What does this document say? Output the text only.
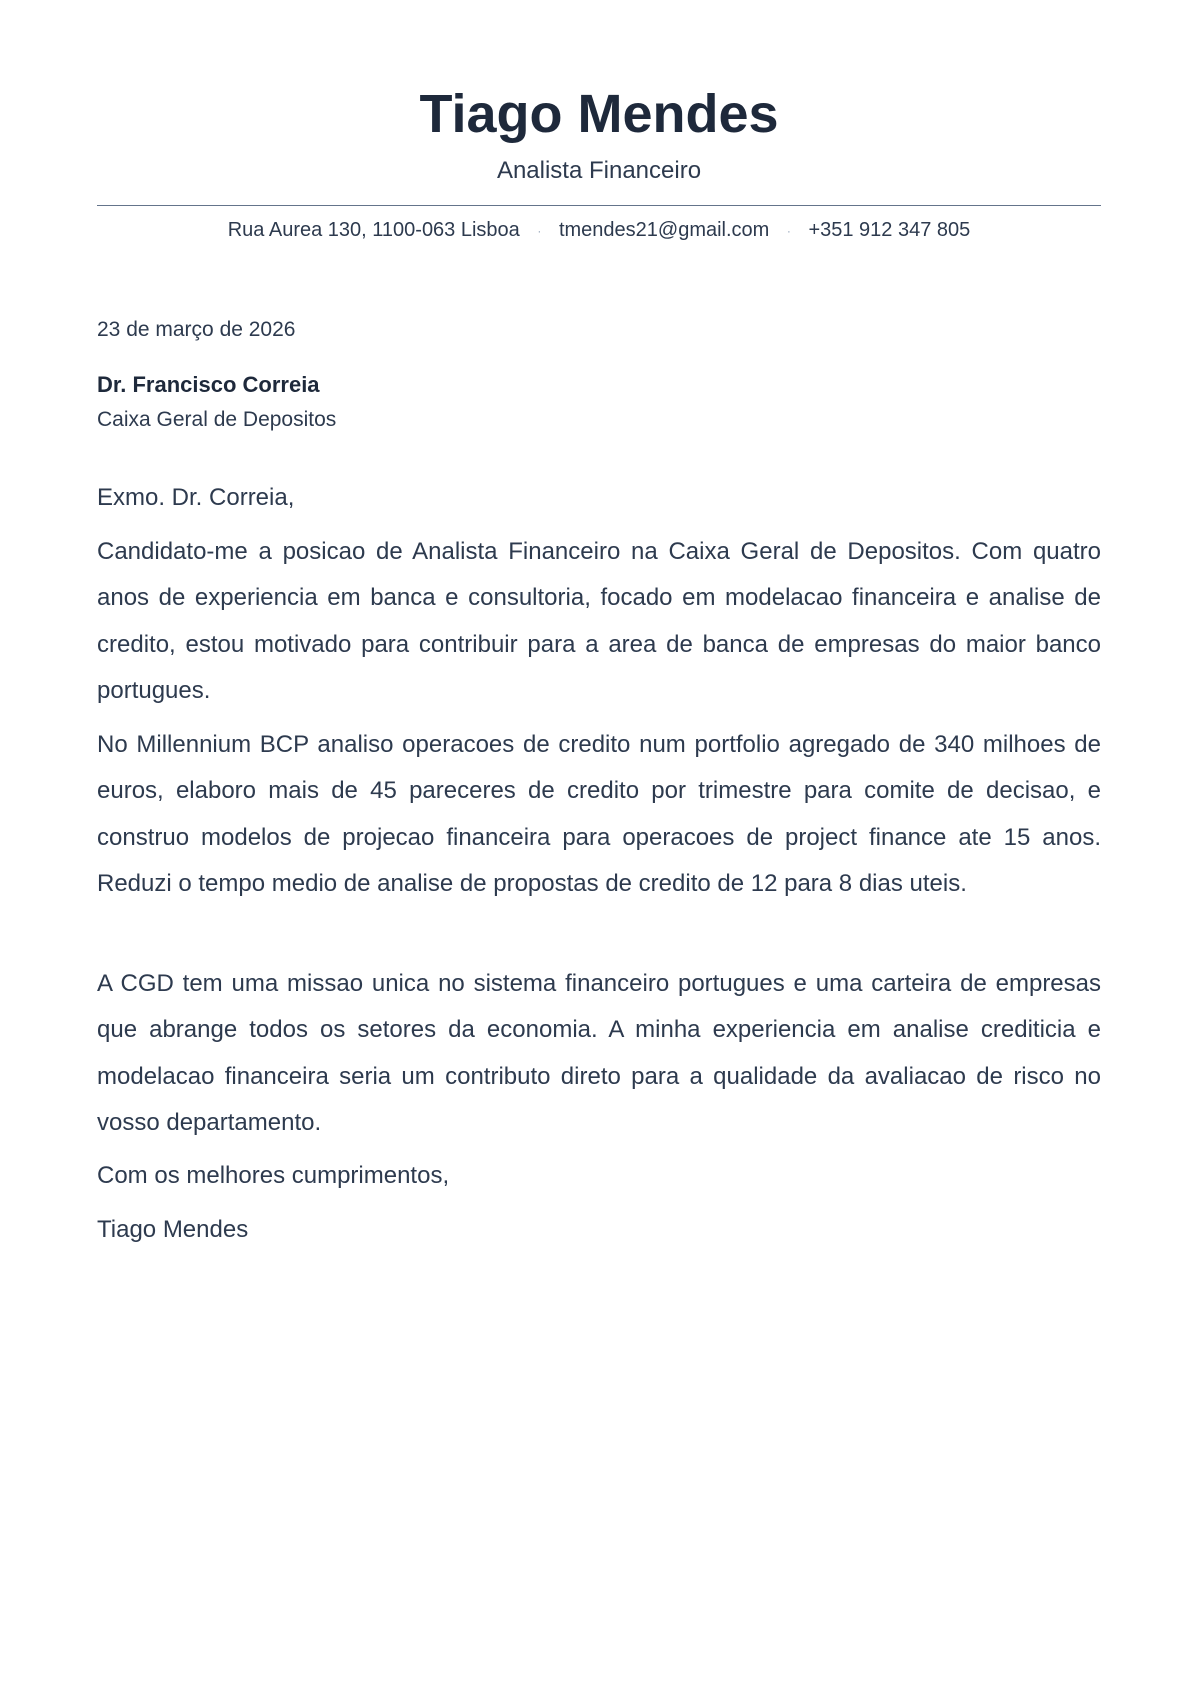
Tiago Mendes
Analista Financeiro
Rua Aurea 130, 1100-063 Lisboa · tmendes21@gmail.com · +351 912 347 805
23 de março de 2026
Dr. Francisco Correia
Caixa Geral de Depositos
Exmo. Dr. Correia,

Candidato-me a posicao de Analista Financeiro na Caixa Geral de Depositos. Com quatro anos de experiencia em banca e consultoria, focado em modelacao financeira e analise de credito, estou motivado para contribuir para a area de banca de empresas do maior banco portugues.

No Millennium BCP analiso operacoes de credito num portfolio agregado de 340 milhoes de euros, elaboro mais de 45 pareceres de credito por trimestre para comite de decisao, e construo modelos de projecao financeira para operacoes de project finance ate 15 anos. Reduzi o tempo medio de analise de propostas de credito de 12 para 8 dias uteis.

A CGD tem uma missao unica no sistema financeiro portugues e uma carteira de empresas que abrange todos os setores da economia. A minha experiencia em analise crediticia e modelacao financeira seria um contributo direto para a qualidade da avaliacao de risco no vosso departamento.

Com os melhores cumprimentos,
Tiago Mendes
